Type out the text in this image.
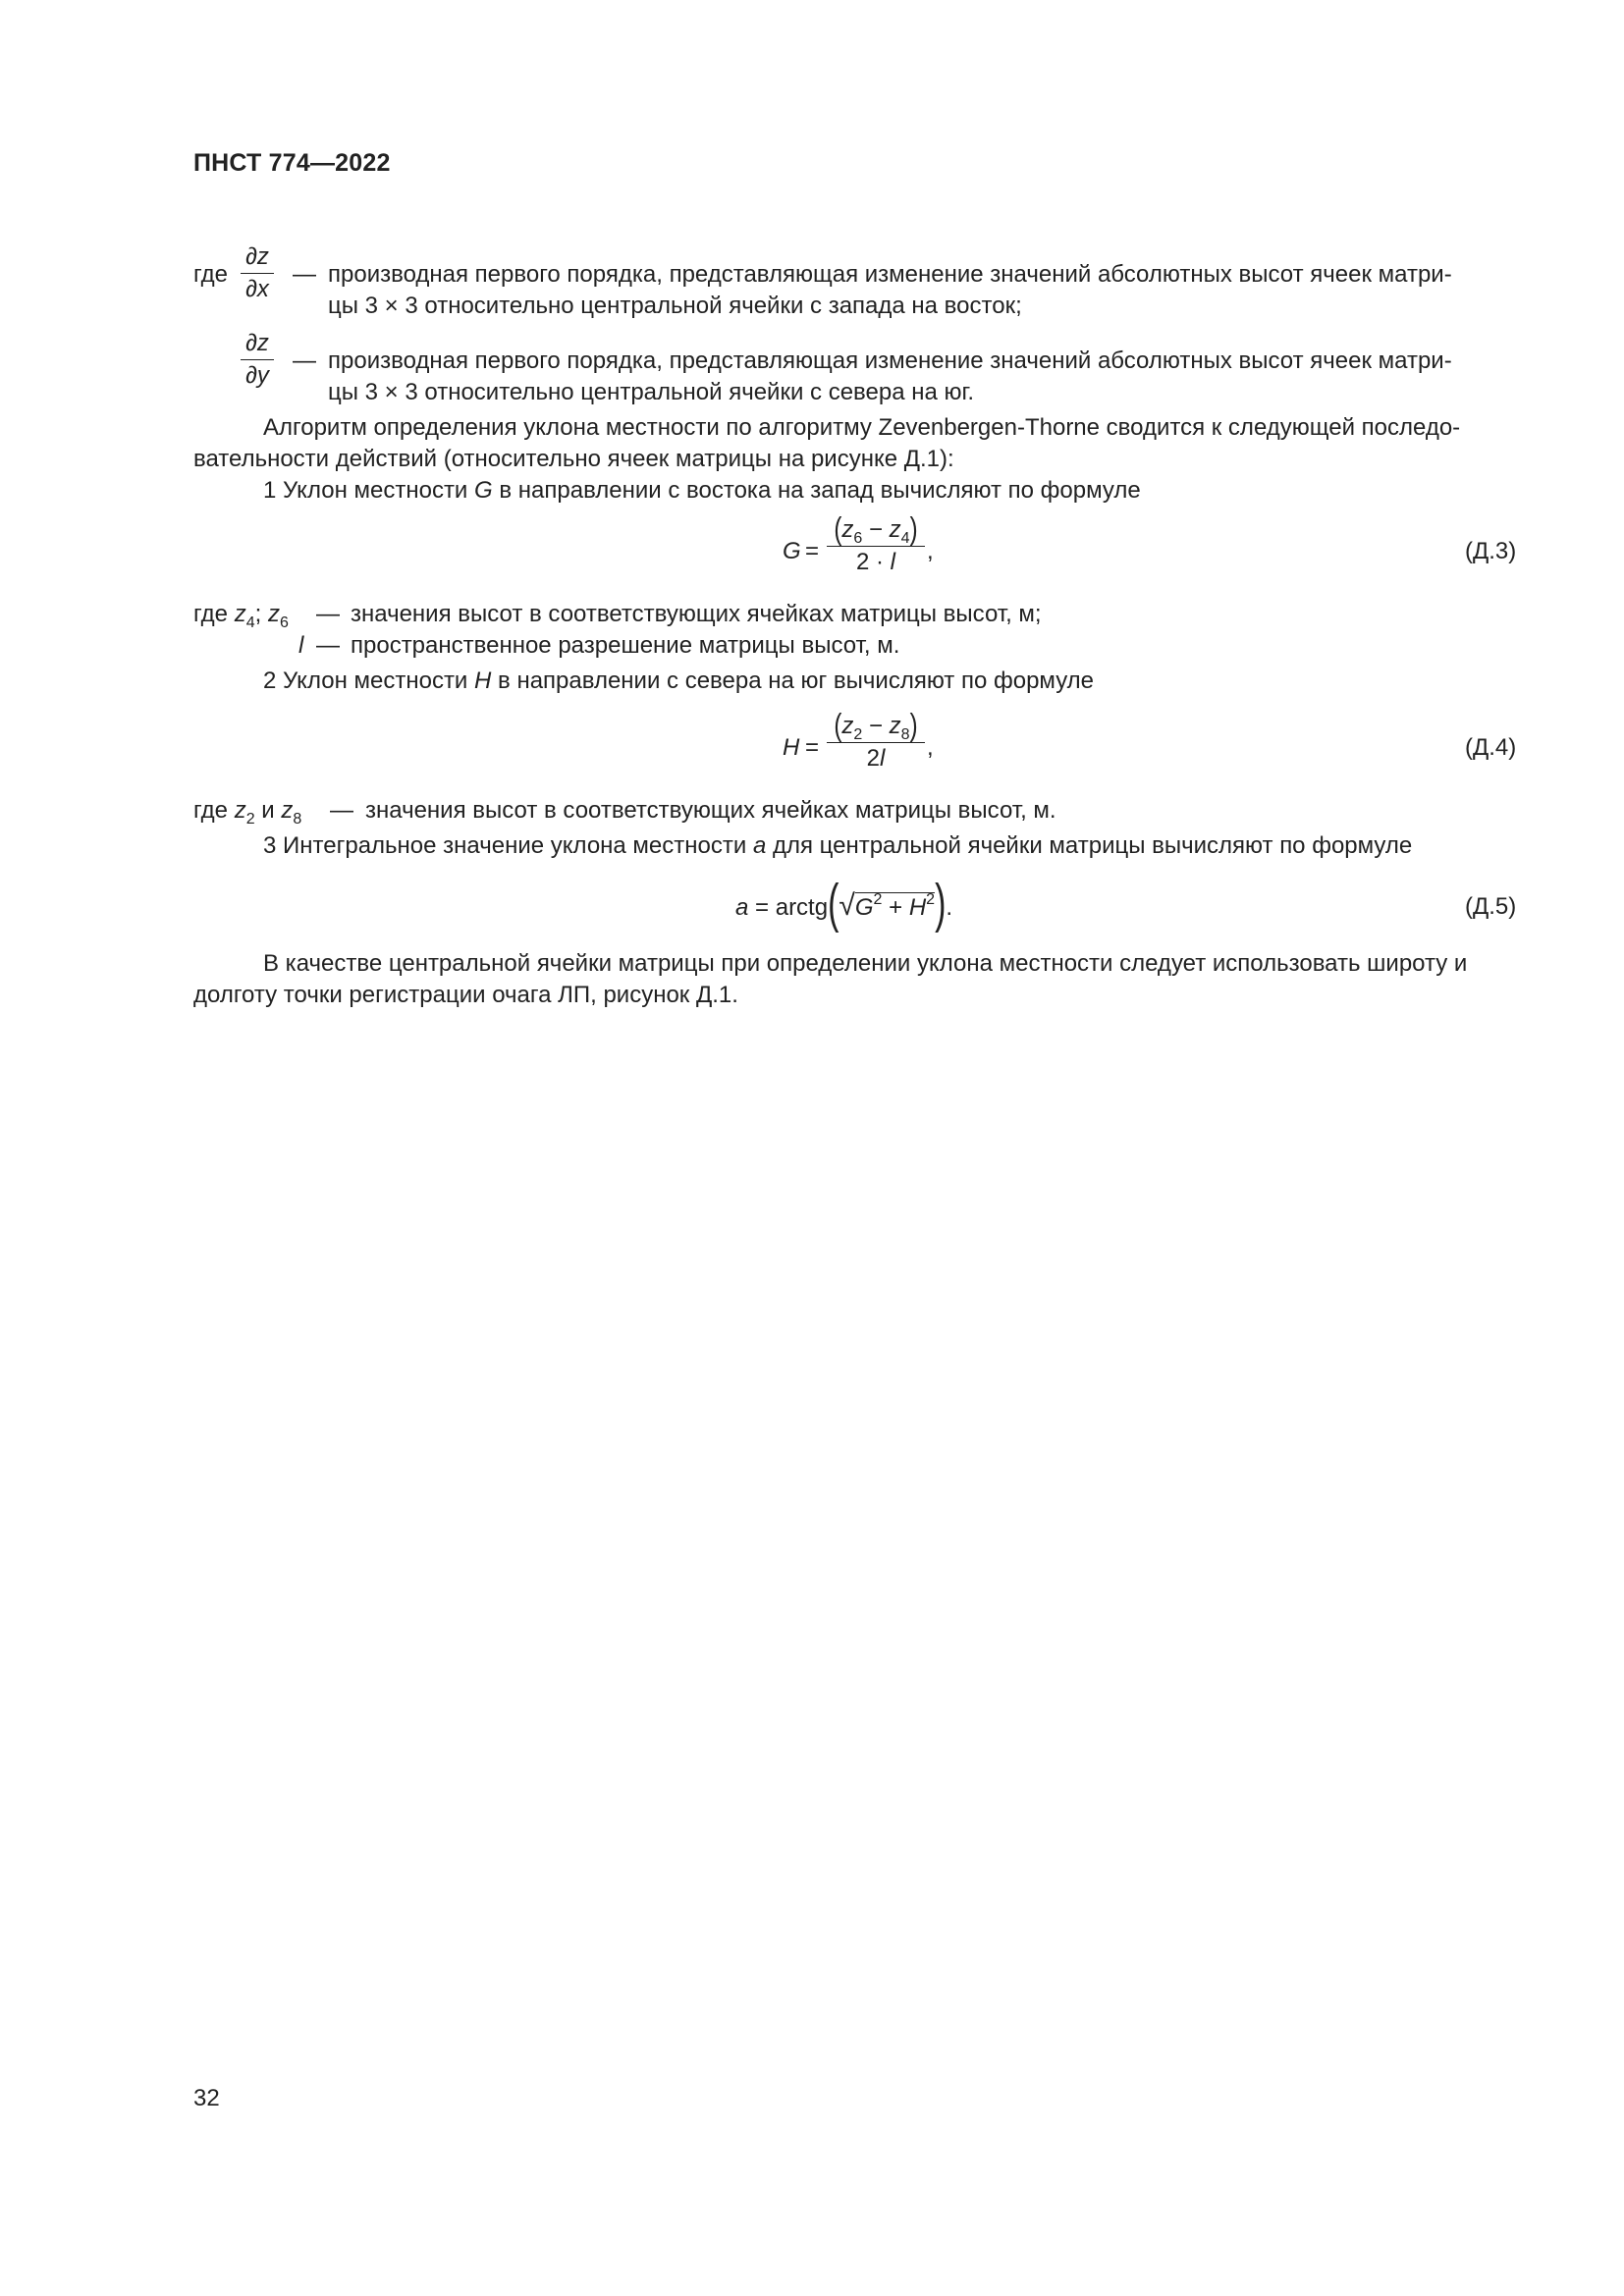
ПНСТ 774—2022
где
∂z
∂x
— производная первого порядка, представляющая изменение значений абсолютных высот ячеек матри-
цы 3 × 3 относительно центральной ячейки с запада на восток;
∂z
∂y
— производная первого порядка, представляющая изменение значений абсолютных высот ячеек матри-
цы 3 × 3 относительно центральной ячейки с севера на юг.
Алгоритм определения уклона местности по алгоритму Zevenbergen-Thorne сводится к следующей последо-
вательности действий (относительно ячеек матрицы на рисунке Д.1):
1 Уклон местности G в направлении с востока на запад вычисляют по формуле
G =
$(z_6 - z_4)$
2 · l	,	(Д.3)
где $z_4$; $z_6$ — значения высот в соответствующих ячейках матрицы высот, м;
l — пространственное разрешение матрицы высот, м.
2 Уклон местности H в направлении с севера на юг вычисляют по формуле
H =
$(z_2 - z_8)$
2l	,	(Д.4)
где $z_2$ и $z_8$ — значения высот в соответствующих ячейках матрицы высот, м.
3 Интегральное значение уклона местности a для центральной ячейки матрицы вычисляют по формуле
$a = arctg(√G^2 + H^2)$.	(Д.5)
В качестве центральной ячейки матрицы при определении уклона местности следует использовать широту и
долготу точки регистрации очага ЛП, рисунок Д.1.
32
